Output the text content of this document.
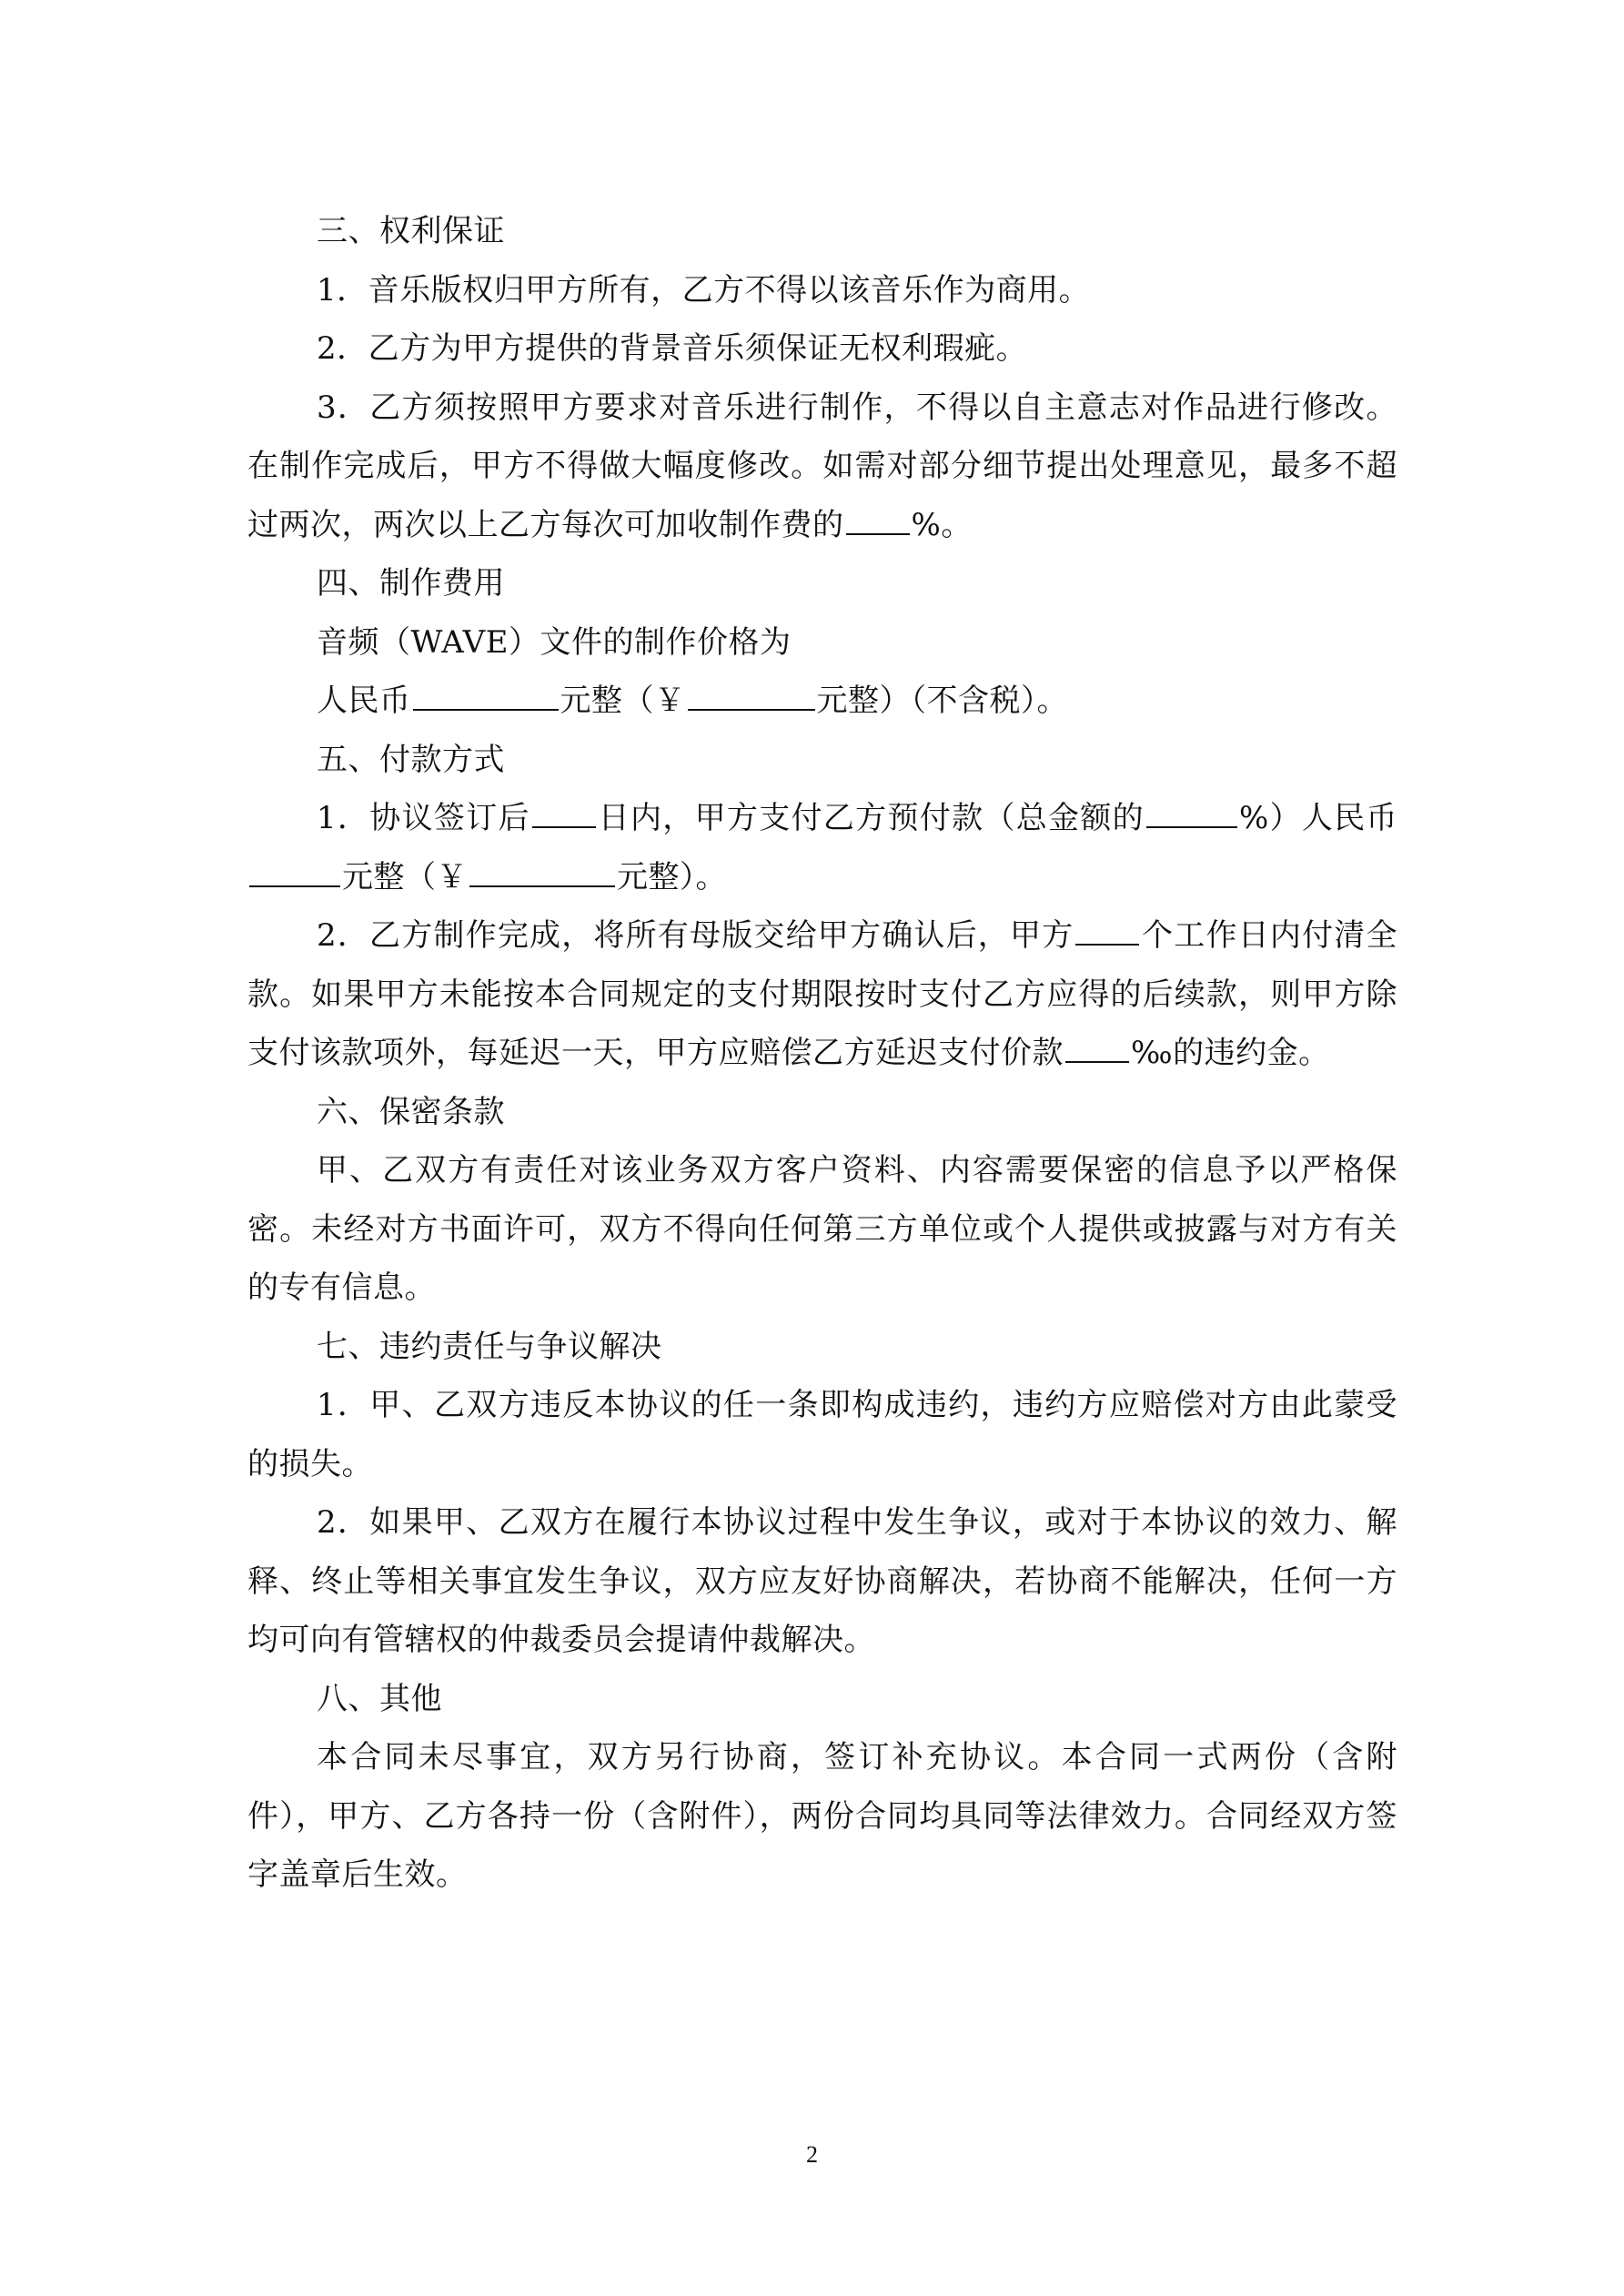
三、权利保证

1．音乐版权归甲方所有，乙方不得以该音乐作为商用。

2．乙方为甲方提供的背景音乐须保证无权利瑕疵。

3．乙方须按照甲方要求对音乐进行制作，不得以自主意志对作品进行修改。在制作完成后，甲方不得做大幅度修改。如需对部分细节提出处理意见，最多不超过两次，两次以上乙方每次可加收制作费的 %。

四、制作费用

音频（WAVE）文件的制作价格为

人民币	元整（￥	元整）（不含税）。

五、付款方式

1．协议签订后 日内，甲方支付乙方预付款（总金额的	%）人民币元整（￥	元整）。

2．乙方制作完成，将所有母版交给甲方确认后，甲方 个工作日内付清全款。如果甲方未能按本合同规定的支付期限按时支付乙方应得的后续款，则甲方除支付该款项外，每延迟一天，甲方应赔偿乙方延迟支付价款 ‰的违约金。

六、保密条款

甲、乙双方有责任对该业务双方客户资料、内容需要保密的信息予以严格保密。未经对方书面许可，双方不得向任何第三方单位或个人提供或披露与对方有关的专有信息。

七、违约责任与争议解决

1．甲、乙双方违反本协议的任一条即构成违约，违约方应赔偿对方由此蒙受的损失。

2．如果甲、乙双方在履行本协议过程中发生争议，或对于本协议的效力、解释、终止等相关事宜发生争议，双方应友好协商解决，若协商不能解决，任何一方均可向有管辖权的仲裁委员会提请仲裁解决。

八、其他

本合同未尽事宜，双方另行协商，签订补充协议。本合同一式两份（含附件），甲方、乙方各持一份（含附件），两份合同均具同等法律效力。合同经双方签字盖章后生效。

2
